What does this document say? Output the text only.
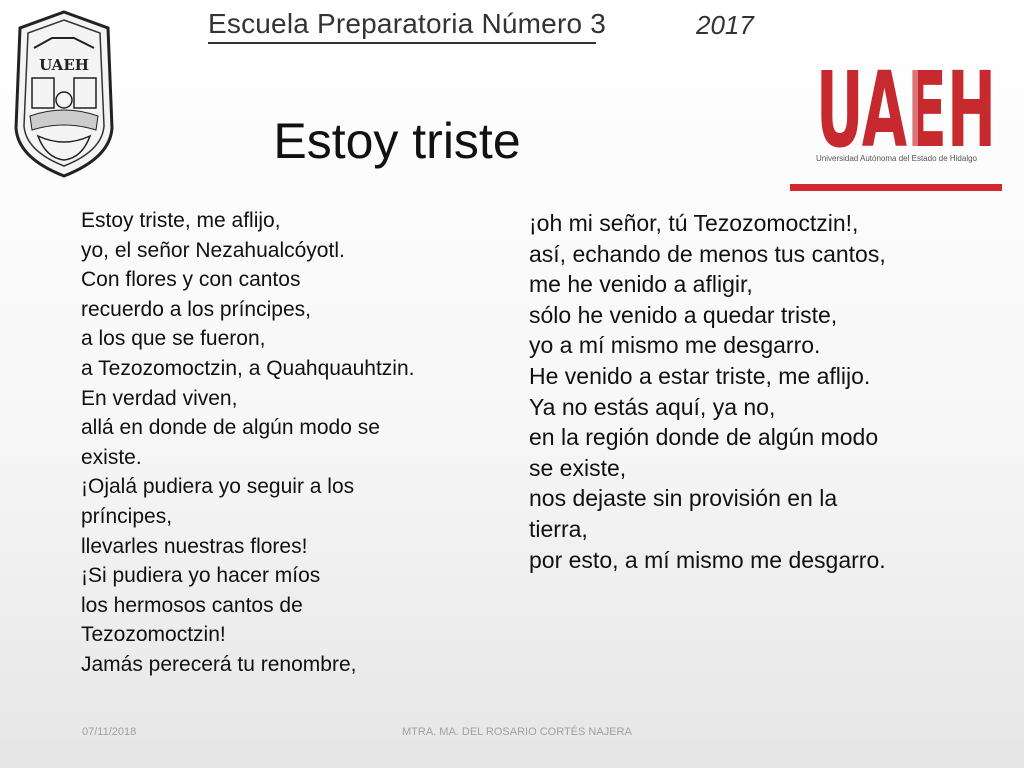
UAEH
Escuela Preparatoria Número 3	2017
UAEH
Universidad Autónoma del Estado de Hidalgo
Estoy triste
Estoy triste, me aflijo,
yo, el señor Nezahualcóyotl.
Con flores y con cantos
recuerdo a los príncipes,
a los que se fueron,
a Tezozomoctzin, a Quahquauhtzin.
En verdad viven,
allá en donde de algún modo se
existe.
¡Ojalá pudiera yo seguir a los
príncipes,
llevarles nuestras flores!
¡Si pudiera yo hacer míos
los hermosos cantos de
Tezozomoctzin!
Jamás perecerá tu renombre,
¡oh mi señor, tú Tezozomoctzin!,
así, echando de menos tus cantos,
me he venido a afligir,
sólo he venido a quedar triste,
yo a mí mismo me desgarro.
He venido a estar triste, me aflijo.
Ya no estás aquí, ya no,
en la región donde de algún modo
se existe,
nos dejaste sin provisión en la
tierra,
por esto, a mí mismo me desgarro.
07/11/2018	MTRA. MA. DEL ROSARIO CORTÉS NAJERA
